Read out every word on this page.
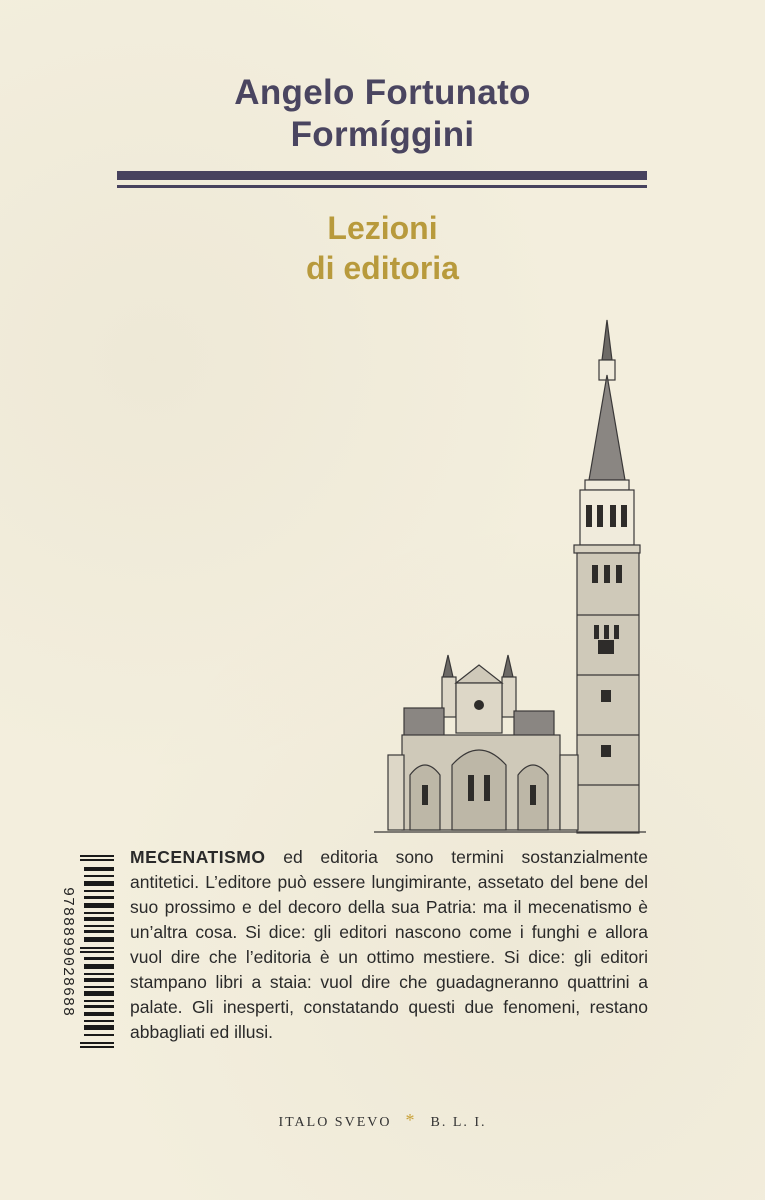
Angelo Fortunato
Formíggini
Lezioni
di editoria
9788899028688
MECENATISMO ed editoria sono termini sostanzialmente antitetici. L’editore può essere lungimirante, assetato del bene del suo prossimo e del decoro della sua Patria: ma il mecenatismo è un’altra cosa. Si dice: gli editori nascono come i funghi e allora vuol dire che l’editoria è un ottimo mestiere. Si dice: gli editori stampano libri a staia: vuol dire che guadagneranno quattrini a palate. Gli inesperti, constatando questi due fenomeni, restano abbagliati ed illusi.
ITALO SVEVO * B. L. I.
